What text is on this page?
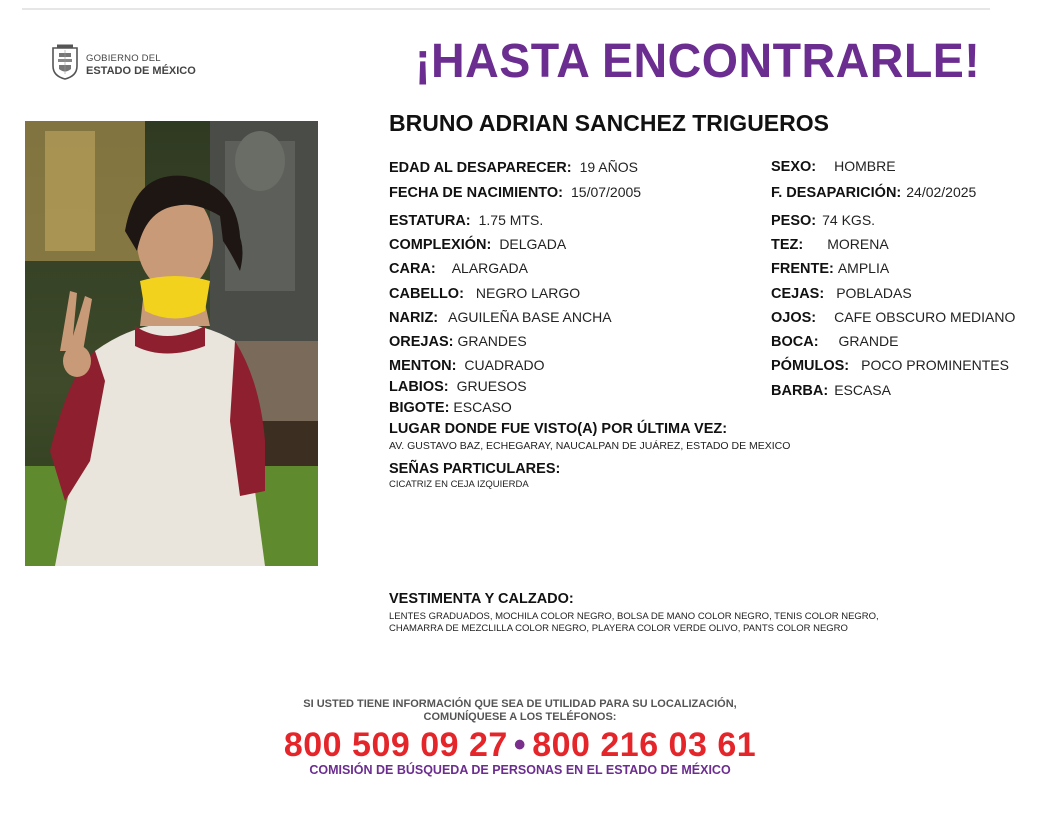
GOBIERNO DEL
ESTADO DE MÉXICO	¡HASTA ENCONTRARLE!
BRUNO ADRIAN SANCHEZ TRIGUEROS
EDAD AL DESAPARECER: 19 AÑOS
FECHA DE NACIMIENTO: 15/07/2005
ESTATURA: 1.75 MTS.
COMPLEXIÓN: DELGADA
CARA: ALARGADA
CABELLO: NEGRO LARGO
NARIZ: AGUILEÑA BASE ANCHA
OREJAS: GRANDES
MENTON: CUADRADO
LABIOS: GRUESOS
BIGOTE: ESCASO
SEXO: HOMBRE
F. DESAPARICIÓN: 24/02/2025
PESO: 74 KGS.
TEZ: MORENA
FRENTE: AMPLIA
CEJAS: POBLADAS
OJOS: CAFE OBSCURO MEDIANO
BOCA: GRANDE
PÓMULOS: POCO PROMINENTES
BARBA: ESCASA
LUGAR DONDE FUE VISTO(A) POR ÚLTIMA VEZ:
AV. GUSTAVO BAZ, ECHEGARAY, NAUCALPAN DE JUÁREZ, ESTADO DE MEXICO
SEÑAS PARTICULARES:
CICATRIZ EN CEJA IZQUIERDA
VESTIMENTA Y CALZADO:
LENTES GRADUADOS, MOCHILA COLOR NEGRO, BOLSA DE MANO COLOR NEGRO, TENIS COLOR NEGRO,
CHAMARRA DE MEZCLILLA COLOR NEGRO, PLAYERA COLOR VERDE OLIVO, PANTS COLOR NEGRO
SI USTED TIENE INFORMACIÓN QUE SEA DE UTILIDAD PARA SU LOCALIZACIÓN,
COMUNÍQUESE A LOS TELÉFONOS:
800 509 09 27 • 800 216 03 61
COMISIÓN DE BÚSQUEDA DE PERSONAS EN EL ESTADO DE MÉXICO
